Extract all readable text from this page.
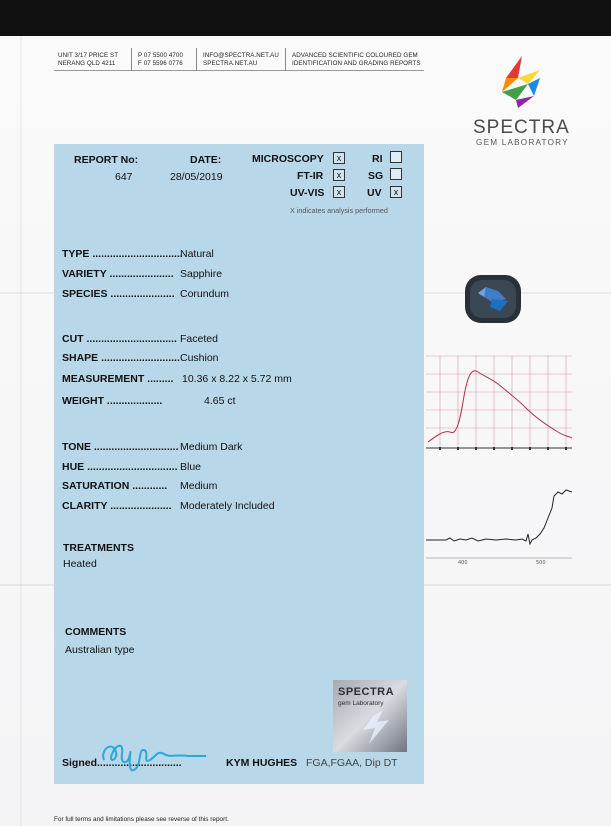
UNIT 3/17 PRICE ST
NERANG QLD 4211
P 07 5500 4700
F 07 5596 0776
INFO@SPECTRA.NET.AU
SPECTRA.NET.AU
ADVANCED SCIENTIFIC COLOURED GEM
IDENTIFICATION AND GRADING REPORTS
SPECTRA
GEM LABORATORY
REPORT No:
647
DATE:
28/05/2019
MICROSCOPY	x
FT-IR	x
UV-VIS	x
RI
SG
UV	x
X indicates analysis performed
TYPE ...............................
Natural
VARIETY ...................... Sapphire
SPECIES ...................... Corundum
CUT ............................... Faceted
SHAPE ........................... Cushion
MEASUREMENT ......... 10.36 x 8.22 x 5.72 mm
WEIGHT ...................	4.65 ct
TONE ............................. Medium Dark
HUE ............................... Blue
SATURATION ............ Medium
CLARITY ..................... Moderately Included
TREATMENTS
Heated
COMMENTS
Australian type
Signed.............................	KYM HUGHES FGA,FGAA, Dip DT
SPECTRA
gem Laboratory
400	500
For full terms and limitations please see reverse of this report.
